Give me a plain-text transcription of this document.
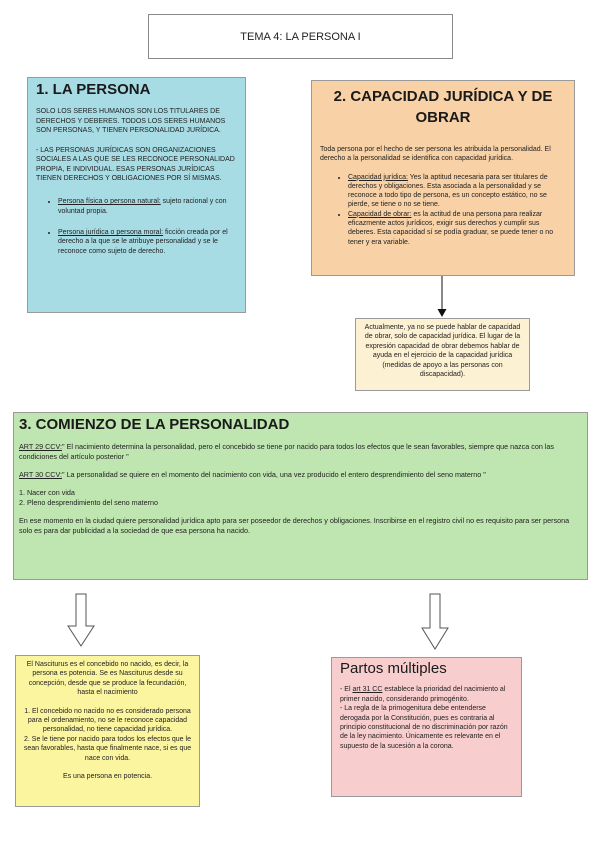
TEMA 4: LA PERSONA I
1. LA PERSONA

SOLO LOS SERES HUMANOS SON LOS TITULARES DE DERECHOS Y DEBERES. TODOS LOS SERES HUMANOS SON PERSONAS, Y TIENEN PERSONALIDAD JURÍDICA.

- LAS PERSONAS JURÍDICAS SON ORGANIZACIONES SOCIALES A LAS QUE SE LES RECONOCE PERSONALIDAD PROPIA, E INDIVIDUAL. ESAS PERSONAS JURÍDICAS TIENEN DERECHOS Y OBLIGACIONES POR SÍ MISMAS.

• Persona física o persona natural: sujeto racional y con voluntad propia.
• Persona jurídica o persona moral: ficción creada por el derecho a la que se le atribuye personalidad y se le reconoce como sujeto de derecho.
2. CAPACIDAD JURÍDICA Y DE OBRAR

Toda persona por el hecho de ser persona les atribuida la personalidad. El derecho a la personalidad se identifica con capacidad jurídica.

• Capacidad jurídica: Yes la aptitud necesaria para ser titulares de derechos y obligaciones. Esta asociada a la personalidad y se reconoce a todo tipo de persona, es un concepto estático, no se pierde, se tiene o no se tiene.
• Capacidad de obrar: es la actitud de una persona para realizar eficazmente actos jurídicos, exigir sus derechos y cumplir sus deberes. Esta capacidad sí se podía graduar, se puede tener o no tener y era variable.

Actualmente, ya no se puede hablar de capacidad de obrar, solo de capacidad jurídica. El lugar de la expresión capacidad de obrar debemos hablar de ayuda en el ejercicio de la capacidad jurídica (medidas de apoyo a las personas con discapacidad).

3. COMIENZO DE LA PERSONALIDAD

ART 29 CCV:" El nacimiento determina la personalidad, pero el concebido se tiene por nacido para todos los efectos que le sean favorables, siempre que nazca con las condiciones del artículo posterior "

ART 30 CCV:" La personalidad se quiere en el momento del nacimiento con vida, una vez producido el entero desprendimiento del seno materno "

1. Nacer con vida

2. Pleno desprendimiento del seno materno

En ese momento en la ciudad quiere personalidad jurídica apto para ser poseedor de derechos y obligaciones. Inscribirse en el registro civil no es requisito para ser persona solo es para dar publicidad a la sociedad de que esa persona ha nacido.

El Nasciturus es el concebido no nacido, es decir, la persona es potencia. Se es Nasciturus desde su concepción, desde que se produce la fecundación, hasta el nacimiento

1. El concebido no nacido no es considerado persona para el ordenamiento, no se le reconoce capacidad personalidad, no tiene capacidad jurídica.
2. Se le tiene por nacido para todos los efectos que le sean favorables, hasta que finalmente nace, si es que nace con vida.

Es una persona en potencia.

Partos múltiples

- El art 31 CC establece la prioridad del nacimiento al primer nacido, considerando primogénito.

- La regla de la primogenitura debe entenderse derogada por la Constitución, pues es contraria al principio constitucional de no discriminación por razón de la ley nacimiento. Únicamente es relevante en el supuesto de la sucesión a la corona.
